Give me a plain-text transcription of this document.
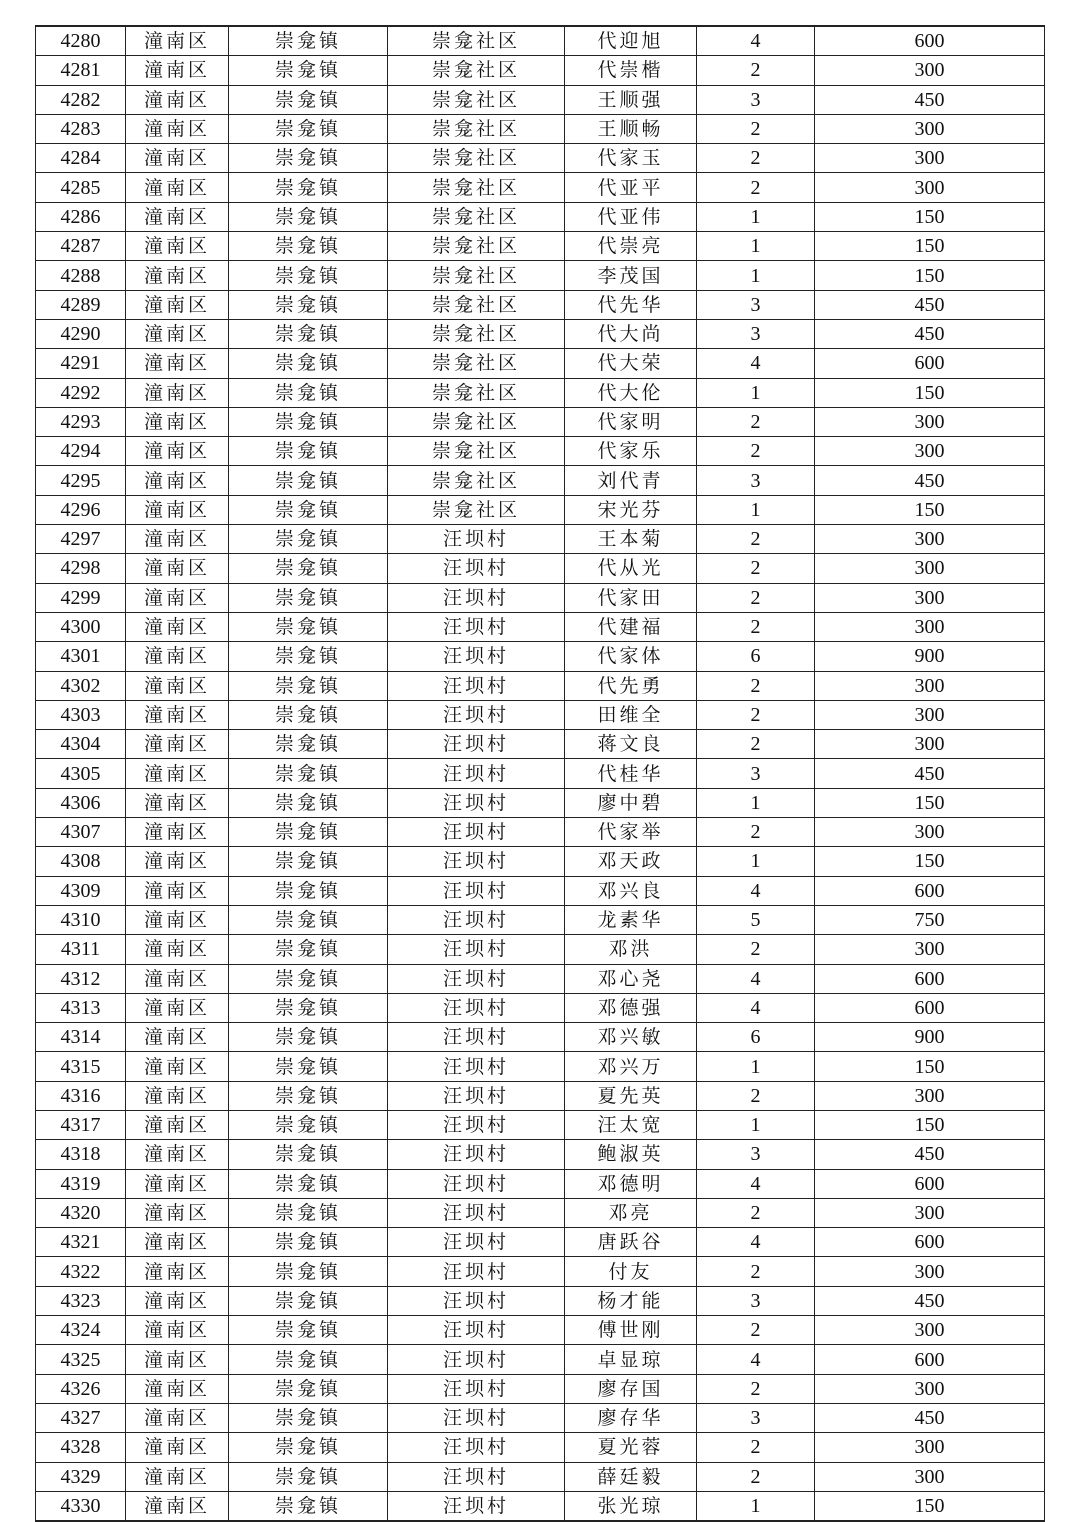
4280	潼南区	崇龛镇	崇龛社区	代迎旭	4	600
4281	潼南区	崇龛镇	崇龛社区	代崇楷	2	300
4282	潼南区	崇龛镇	崇龛社区	王顺强	3	450
4283	潼南区	崇龛镇	崇龛社区	王顺畅	2	300
4284	潼南区	崇龛镇	崇龛社区	代家玉	2	300
4285	潼南区	崇龛镇	崇龛社区	代亚平	2	300
4286	潼南区	崇龛镇	崇龛社区	代亚伟	1	150
4287	潼南区	崇龛镇	崇龛社区	代崇亮	1	150
4288	潼南区	崇龛镇	崇龛社区	李茂国	1	150
4289	潼南区	崇龛镇	崇龛社区	代先华	3	450
4290	潼南区	崇龛镇	崇龛社区	代大尚	3	450
4291	潼南区	崇龛镇	崇龛社区	代大荣	4	600
4292	潼南区	崇龛镇	崇龛社区	代大伦	1	150
4293	潼南区	崇龛镇	崇龛社区	代家明	2	300
4294	潼南区	崇龛镇	崇龛社区	代家乐	2	300
4295	潼南区	崇龛镇	崇龛社区	刘代青	3	450
4296	潼南区	崇龛镇	崇龛社区	宋光芬	1	150
4297	潼南区	崇龛镇	汪坝村	王本菊	2	300
4298	潼南区	崇龛镇	汪坝村	代从光	2	300
4299	潼南区	崇龛镇	汪坝村	代家田	2	300
4300	潼南区	崇龛镇	汪坝村	代建福	2	300
4301	潼南区	崇龛镇	汪坝村	代家体	6	900
4302	潼南区	崇龛镇	汪坝村	代先勇	2	300
4303	潼南区	崇龛镇	汪坝村	田维全	2	300
4304	潼南区	崇龛镇	汪坝村	蒋文良	2	300
4305	潼南区	崇龛镇	汪坝村	代桂华	3	450
4306	潼南区	崇龛镇	汪坝村	廖中碧	1	150
4307	潼南区	崇龛镇	汪坝村	代家举	2	300
4308	潼南区	崇龛镇	汪坝村	邓天政	1	150
4309	潼南区	崇龛镇	汪坝村	邓兴良	4	600
4310	潼南区	崇龛镇	汪坝村	龙素华	5	750
4311	潼南区	崇龛镇	汪坝村	邓洪	2	300
4312	潼南区	崇龛镇	汪坝村	邓心尧	4	600
4313	潼南区	崇龛镇	汪坝村	邓德强	4	600
4314	潼南区	崇龛镇	汪坝村	邓兴敏	6	900
4315	潼南区	崇龛镇	汪坝村	邓兴万	1	150
4316	潼南区	崇龛镇	汪坝村	夏先英	2	300
4317	潼南区	崇龛镇	汪坝村	汪太宽	1	150
4318	潼南区	崇龛镇	汪坝村	鲍淑英	3	450
4319	潼南区	崇龛镇	汪坝村	邓德明	4	600
4320	潼南区	崇龛镇	汪坝村	邓亮	2	300
4321	潼南区	崇龛镇	汪坝村	唐跃谷	4	600
4322	潼南区	崇龛镇	汪坝村	付友	2	300
4323	潼南区	崇龛镇	汪坝村	杨才能	3	450
4324	潼南区	崇龛镇	汪坝村	傅世刚	2	300
4325	潼南区	崇龛镇	汪坝村	卓显琼	4	600
4326	潼南区	崇龛镇	汪坝村	廖存国	2	300
4327	潼南区	崇龛镇	汪坝村	廖存华	3	450
4328	潼南区	崇龛镇	汪坝村	夏光蓉	2	300
4329	潼南区	崇龛镇	汪坝村	薛廷毅	2	300
4330	潼南区	崇龛镇	汪坝村	张光琼	1	150
